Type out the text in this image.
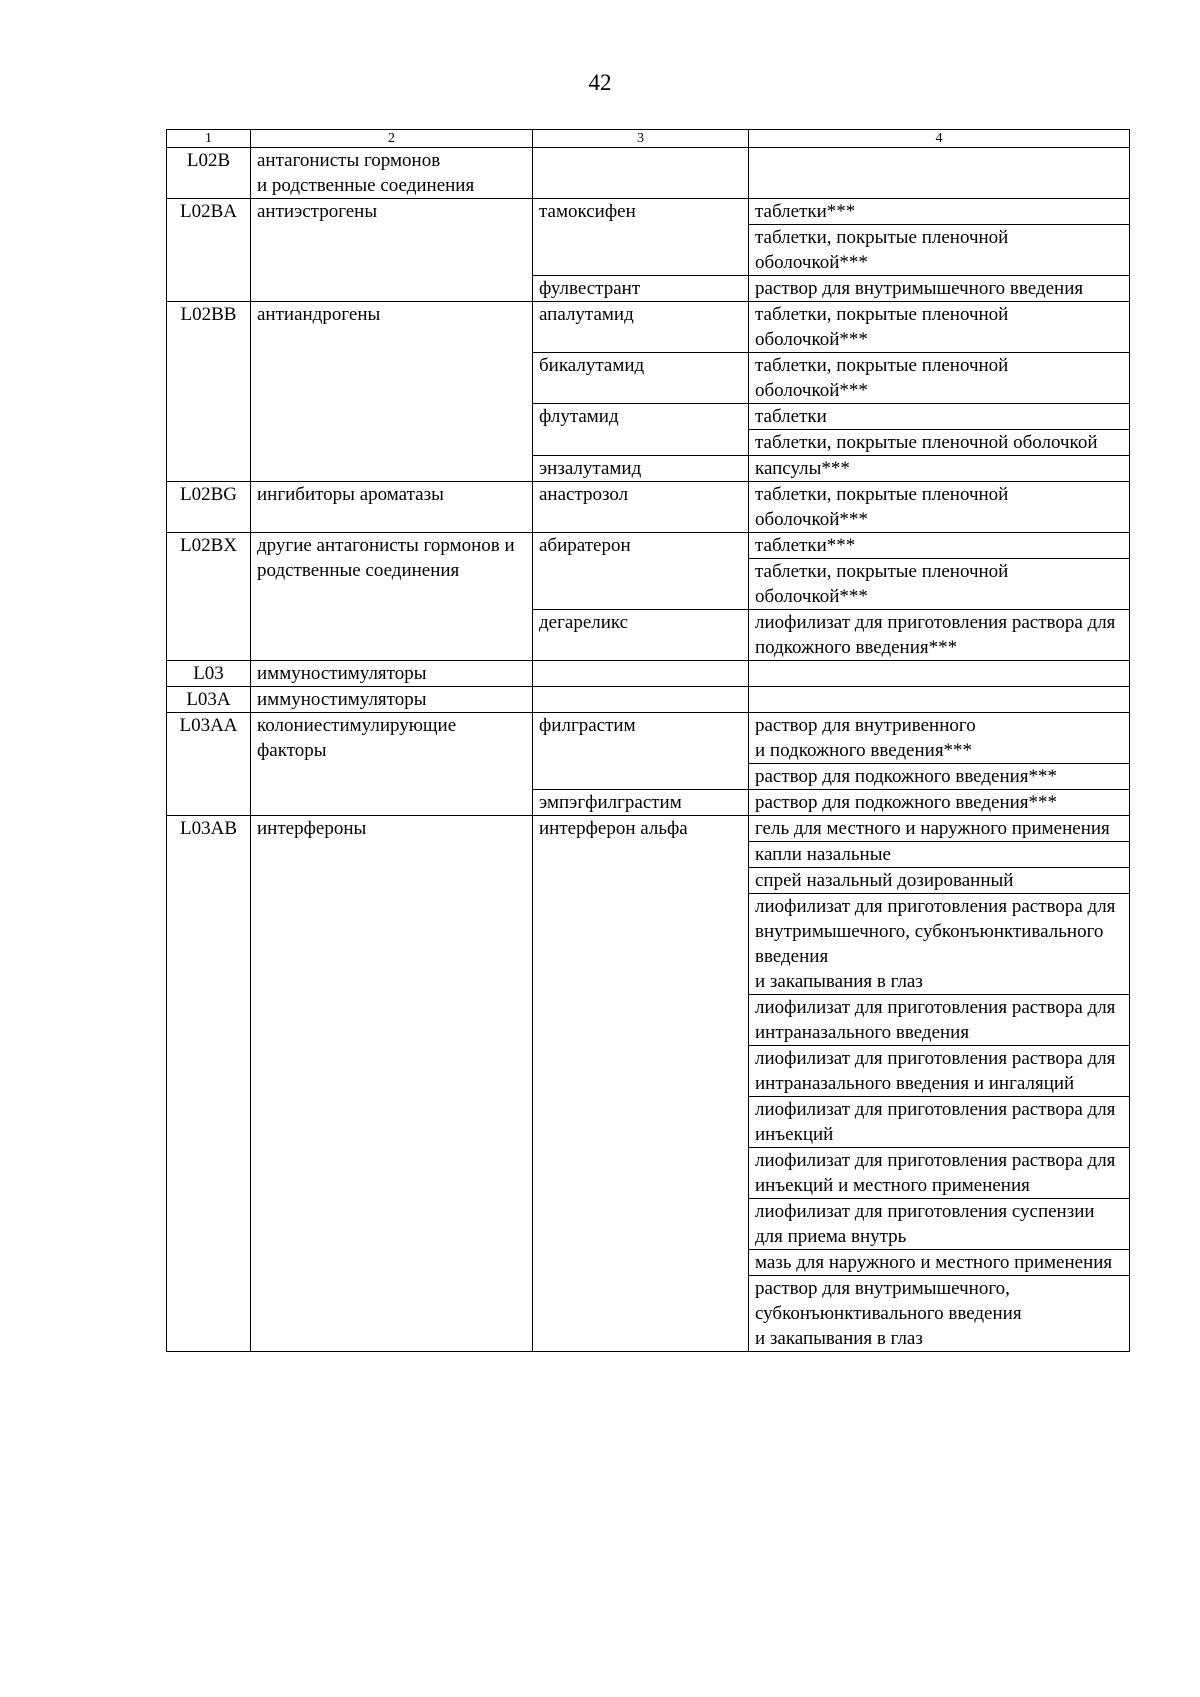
42
1	2	3	4
L02B	антагонисты гормонов
и родственные соединения		
L02BA	антиэстрогены	тамоксифен	таблетки***
			таблетки, покрытые пленочной оболочкой***
		фулвестрант	раствор для внутримышечного введения
L02BB	антиандрогены	апалутамид	таблетки, покрытые пленочной оболочкой***
		бикалутамид	таблетки, покрытые пленочной оболочкой***
		флутамид	таблетки
			таблетки, покрытые пленочной оболочкой
		энзалутамид	капсулы***
L02BG	ингибиторы ароматазы	анастрозол	таблетки, покрытые пленочной оболочкой***
L02BX	другие антагонисты гормонов и родственные соединения	абиратерон	таблетки***
			таблетки, покрытые пленочной оболочкой***
		дегареликс	лиофилизат для приготовления раствора для подкожного введения***
L03	иммуностимуляторы		
L03A	иммуностимуляторы		
L03AA	колониестимулирующие факторы	филграстим	раствор для внутривенного
и подкожного введения***
			раствор для подкожного введения***
		эмпэгфилграстим	раствор для подкожного введения***
L03AB	интерфероны	интерферон альфа	гель для местного и наружного применения
			капли назальные
			спрей назальный дозированный
			лиофилизат для приготовления раствора для внутримышечного, субконъюнктивального введения
и закапывания в глаз
			лиофилизат для приготовления раствора для интраназального введения
			лиофилизат для приготовления раствора для интраназального введения и ингаляций
			лиофилизат для приготовления раствора для инъекций
			лиофилизат для приготовления раствора для инъекций и местного применения
			лиофилизат для приготовления суспензии для приема внутрь
			мазь для наружного и местного применения
			раствор для внутримышечного, субконъюнктивального введения
и закапывания в глаз
